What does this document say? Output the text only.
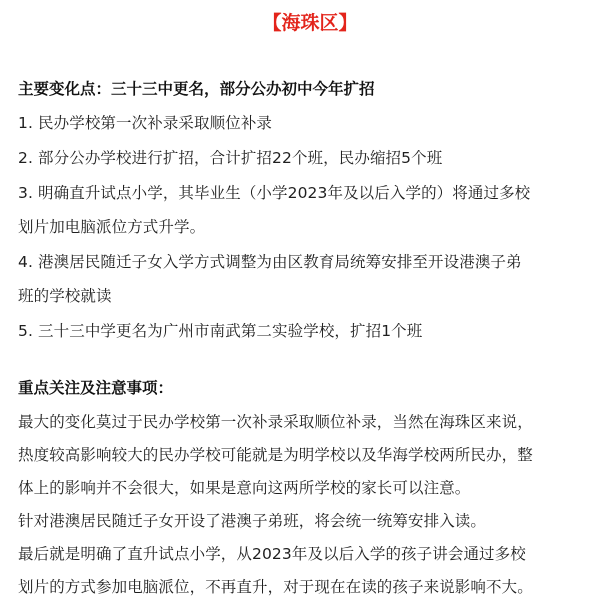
【海珠区】
主要变化点：三十三中更名，部分公办初中今年扩招
1. 民办学校第一次补录采取顺位补录
2. 部分公办学校进行扩招，合计扩招22个班，民办缩招5个班
3. 明确直升试点小学，其毕业生（小学2023年及以后入学的）将通过多校
划片加电脑派位方式升学。
4. 港澳居民随迁子女入学方式调整为由区教育局统筹安排至开设港澳子弟
班的学校就读
5. 三十三中学更名为广州市南武第二实验学校，扩招1个班
重点关注及注意事项：
最大的变化莫过于民办学校第一次补录采取顺位补录，当然在海珠区来说，
热度较高影响较大的民办学校可能就是为明学校以及华海学校两所民办，整
体上的影响并不会很大，如果是意向这两所学校的家长可以注意。
针对港澳居民随迁子女开设了港澳子弟班，将会统一统筹安排入读。
最后就是明确了直升试点小学，从2023年及以后入学的孩子讲会通过多校
划片的方式参加电脑派位，不再直升，对于现在在读的孩子来说影响不大。
